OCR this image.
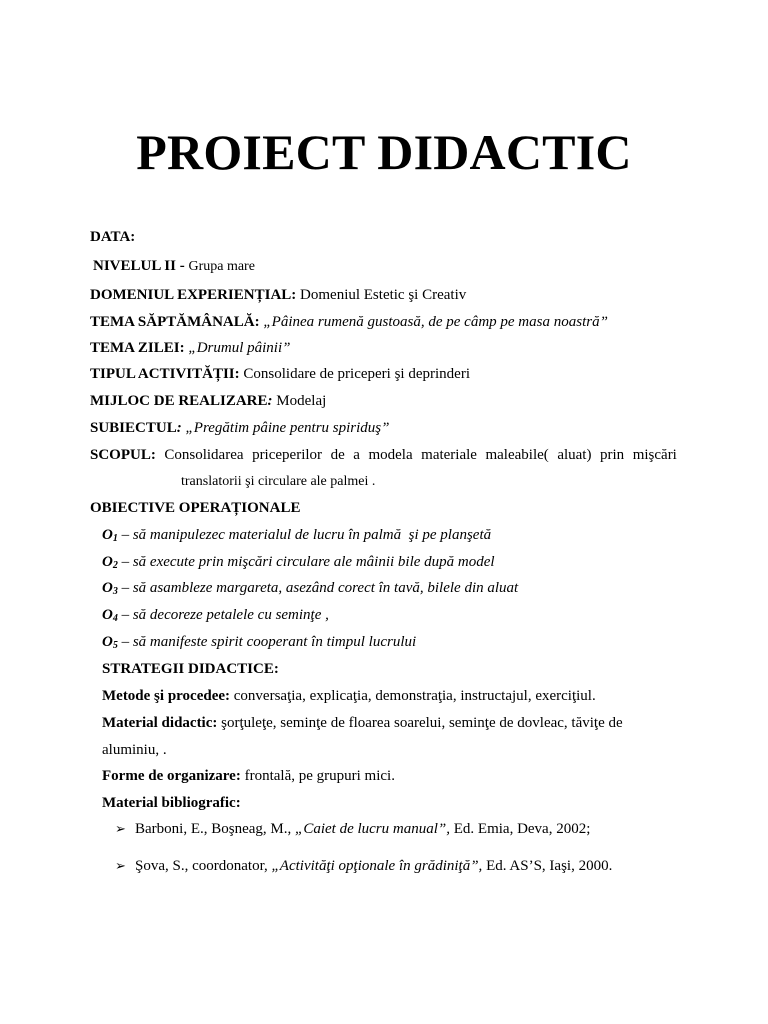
PROIECT DIDACTIC
DATA:
NIVELUL II - Grupa mare
DOMENIUL EXPERIENȚIAL: Domeniul Estetic şi Creativ
TEMA SĂPTĂMÂNALĂ: „Pâinea rumenă gustoasă, de pe câmp pe masa noastră”
TEMA ZILEI: „Drumul pâinii”
TIPUL ACTIVITĂȚII: Consolidare de priceperi şi deprinderi
MIJLOC DE REALIZARE: Modelaj
SUBIECTUL: „Pregătim pâine pentru spiriduş”
SCOPUL: Consolidarea priceperilor de a modela materiale maleabile( aluat) prin mişcări
translatorii şi circulare ale palmei .
OBIECTIVE OPERAȚIONALE
$O_1$ – să manipulezec materialul de lucru în palmă  şi pe planşetă
$O_2$ – să execute prin mişcări circulare ale mâinii bile după model
$O_3$ – să asambleze margareta, asezând corect în tavă, bilele din aluat
$O_4$ – să decoreze petalele cu seminţe ,
$O_5$ – să manifeste spirit cooperant în timpul lucrului
STRATEGII DIDACTICE:
Metode şi procedee: conversaţia, explicaţia, demonstraţia, instructajul, exerciţiul.
Material didactic: şorţuleţe, seminţe de floarea soarelui, seminţe de dovleac, tăviţe de
aluminiu, .
Forme de organizare: frontală, pe grupuri mici.
Material bibliografic:
➢ Barboni, E., Boşneag, M., „Caiet de lucru manual”, Ed. Emia, Deva, 2002;
➢ Şova, S., coordonator, „Activităţi opţionale în grădiniţă”, Ed. AS’S, Iaşi, 2000.
